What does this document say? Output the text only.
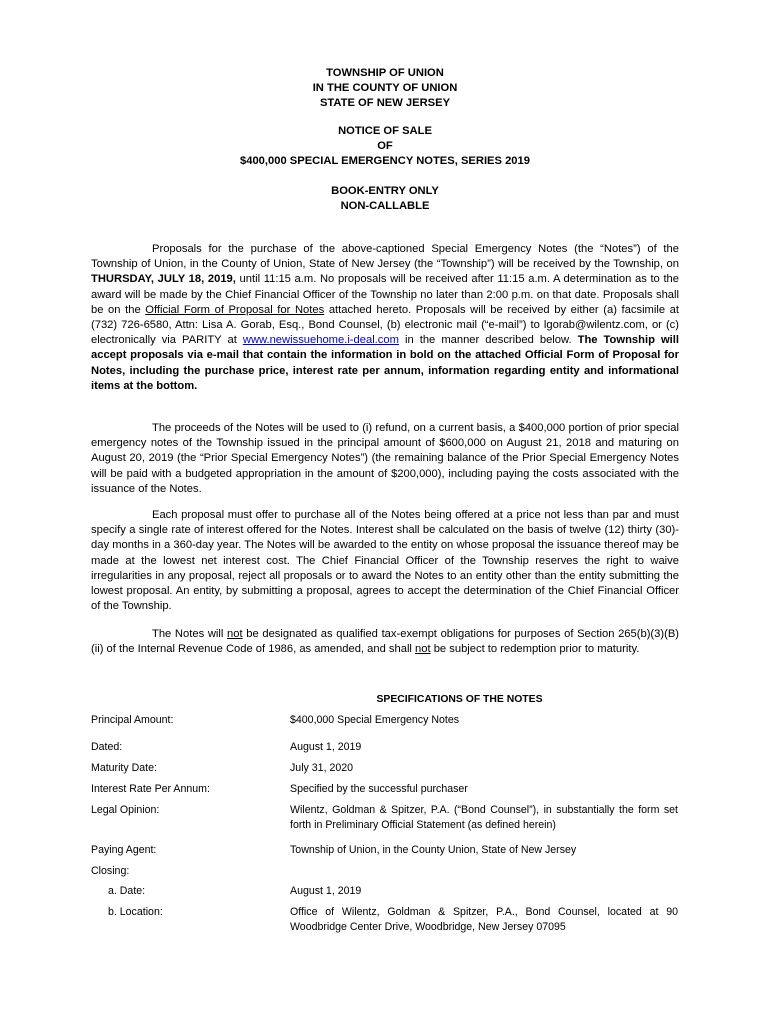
TOWNSHIP OF UNION
IN THE COUNTY OF UNION
STATE OF NEW JERSEY
NOTICE OF SALE
OF
$400,000 SPECIAL EMERGENCY NOTES, SERIES 2019
BOOK-ENTRY ONLY
NON-CALLABLE

Proposals for the purchase of the above-captioned Special Emergency Notes (the “Notes”) of the Township of Union, in the County of Union, State of New Jersey (the “Township”) will be received by the Township, on THURSDAY, JULY 18, 2019, until 11:15 a.m. No proposals will be received after 11:15 a.m. A determination as to the award will be made by the Chief Financial Officer of the Township no later than 2:00 p.m. on that date. Proposals shall be on the Official Form of Proposal for Notes attached hereto. Proposals will be received by either (a) facsimile at (732) 726-6580, Attn: Lisa A. Gorab, Esq., Bond Counsel, (b) electronic mail (“e-mail”) to lgorab@wilentz.com, or (c) electronically via PARITY at www.newissuehome.i-deal.com in the manner described below. The Township will accept proposals via e-mail that contain the information in bold on the attached Official Form of Proposal for Notes, including the purchase price, interest rate per annum, information regarding entity and informational items at the bottom.

The proceeds of the Notes will be used to (i) refund, on a current basis, a $400,000 portion of prior special emergency notes of the Township issued in the principal amount of $600,000 on August 21, 2018 and maturing on August 20, 2019 (the “Prior Special Emergency Notes”) (the remaining balance of the Prior Special Emergency Notes will be paid with a budgeted appropriation in the amount of $200,000), including paying the costs associated with the issuance of the Notes.

Each proposal must offer to purchase all of the Notes being offered at a price not less than par and must specify a single rate of interest offered for the Notes. Interest shall be calculated on the basis of twelve (12) thirty (30)-day months in a 360-day year. The Notes will be awarded to the entity on whose proposal the issuance thereof may be made at the lowest net interest cost. The Chief Financial Officer of the Township reserves the right to waive irregularities in any proposal, reject all proposals or to award the Notes to an entity other than the entity submitting the lowest proposal. An entity, by submitting a proposal, agrees to accept the determination of the Chief Financial Officer of the Township.

The Notes will not be designated as qualified tax-exempt obligations for purposes of Section 265(b)(3)(B)(ii) of the Internal Revenue Code of 1986, as amended, and shall not be subject to redemption prior to maturity.

SPECIFICATIONS OF THE NOTES
Principal Amount:	$400,000 Special Emergency Notes
Dated:	August 1, 2019
Maturity Date:	July 31, 2020
Interest Rate Per Annum:	Specified by the successful purchaser
Legal Opinion:	Wilentz, Goldman & Spitzer, P.A. (“Bond Counsel”), in substantially the form set forth in Preliminary Official Statement (as defined herein)
Paying Agent:	Township of Union, in the County Union, State of New Jersey
Closing:
a. Date:	August 1, 2019
b. Location:	Office of Wilentz, Goldman & Spitzer, P.A., Bond Counsel, located at 90 Woodbridge Center Drive, Woodbridge, New Jersey 07095
